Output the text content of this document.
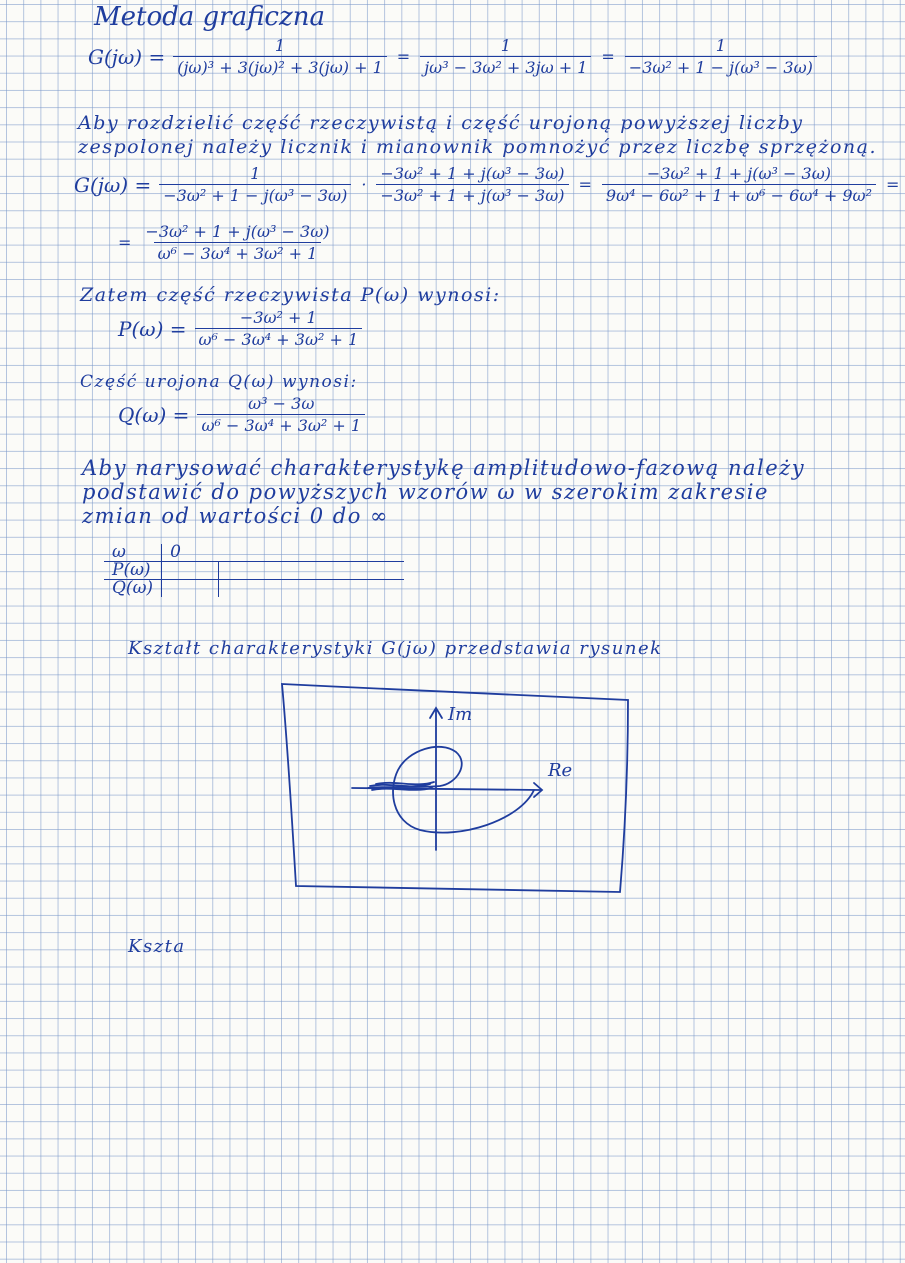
Metoda graficzna
$G(j\omega) = \frac{1}{\text{(jω)³ + 3(jω)² + 3(jω) + 1}} = \frac{1}{\text{jω³ − 3ω² + 3jω + 1}} = \frac{1}{\text{−3ω² + 1 − j(ω³ − 3ω)}}$
Aby rozdzielić część rzeczywistą i część urojoną powyższej liczby
zespolonej należy licznik i mianownik pomnożyć przez liczbę sprzężoną.
$G(j\omega) = \frac{1}{\text{−3ω² + 1 − j(ω³ − 3ω)}} \cdot \frac{\text{−3ω² + 1 + j(ω³ − 3ω)}}{\text{−3ω² + 1 + j(ω³ − 3ω)}} = \frac{\text{−3ω² + 1 + j(ω³ − 3ω)}}{\text{9ω⁴ − 6ω² + 1 + ω⁶ − 6ω⁴ + 9ω²}}$ =
= $\frac{\text{−3ω² + 1 + j(ω³ − 3ω)}}{\text{ω⁶ − 3ω⁴ + 3ω² + 1}}$
Zatem część rzeczywista P(ω) wynosi:
$P(\omega) = \frac{\text{−3ω² + 1}}{\text{ω⁶ − 3ω⁴ + 3ω² + 1}}$
Część urojona Q(ω) wynosi:
$Q(\omega) = \frac{\text{ω³ − 3ω}}{\text{ω⁶ − 3ω⁴ + 3ω² + 1}}$
Aby narysować charakterystykę amplitudowo-fazową należy
podstawić do powyższych wzorów ω w szerokim zakresie
zmian od wartości 0 do ∞
ω	0	
P(ω)		
Q(ω)		
Kształt charakterystyki G(jω) przedstawia rysunek
Im
Re
Kszta
